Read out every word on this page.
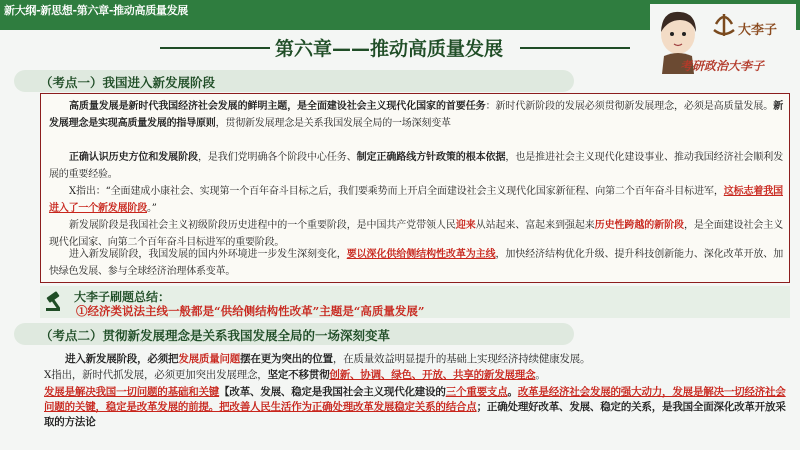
新大纲-新思想-第六章-推动高质量发展
第六章——推动高质量发展
大李子
考研政治大李子
（考点一）我国进入新发展阶段

高质量发展是新时代我国经济社会发展的鲜明主题，是全面建设社会主义现代化国家的首要任务：新时代新阶段的发展必须贯彻新发展理念，必须是高质量发展。新发展理念是实现高质量发展的指导原则，贯彻新发展理念是关系我国发展全局的一场深刻变革

正确认识历史方位和发展阶段，是我们党明确各个阶段中心任务、制定正确路线方针政策的根本依据，也是推进社会主义现代化建设事业、推动我国经济社会顺利发展的重要经验。

X指出：“全面建成小康社会、实现第一个百年奋斗目标之后，我们要乘势而上开启全面建设社会主义现代化国家新征程、向第二个百年奋斗目标进军，这标志着我国进入了一个新发展阶段。”

新发展阶段是我国社会主义初级阶段历史进程中的一个重要阶段，是中国共产党带领人民迎来从站起来、富起来到强起来历史性跨越的新阶段，是全面建设社会主义现代化国家、向第二个百年奋斗目标进军的重要阶段。

进入新发展阶段，我国发展的国内外环境进一步发生深刻变化，要以深化供给侧结构性改革为主线，加快经济结构优化升级、提升科技创新能力、深化改革开放、加快绿色发展、参与全球经济治理体系变革。

大李子刷题总结：
①经济类说法主线一般都是“供给侧结构性改革”主题是“高质量发展”
（考点二）贯彻新发展理念是关系我国发展全局的一场深刻变革

进入新发展阶段，必须把发展质量问题摆在更为突出的位置，在质量效益明显提升的基础上实现经济持续健康发展。

X指出，新时代抓发展，必须更加突出发展理念，坚定不移贯彻创新、协调、绿色、开放、共享的新发展理念。

发展是解决我国一切问题的基础和关键【改革、发展、稳定是我国社会主义现代化建设的三个重要支点。改革是经济社会发展的强大动力，发展是解决一切经济社会问题的关键，稳定是改革发展的前提。把改善人民生活作为正确处理改革发展稳定关系的结合点；正确处理好改革、发展、稳定的关系，是我国全面深化改革开放采取的方法论
